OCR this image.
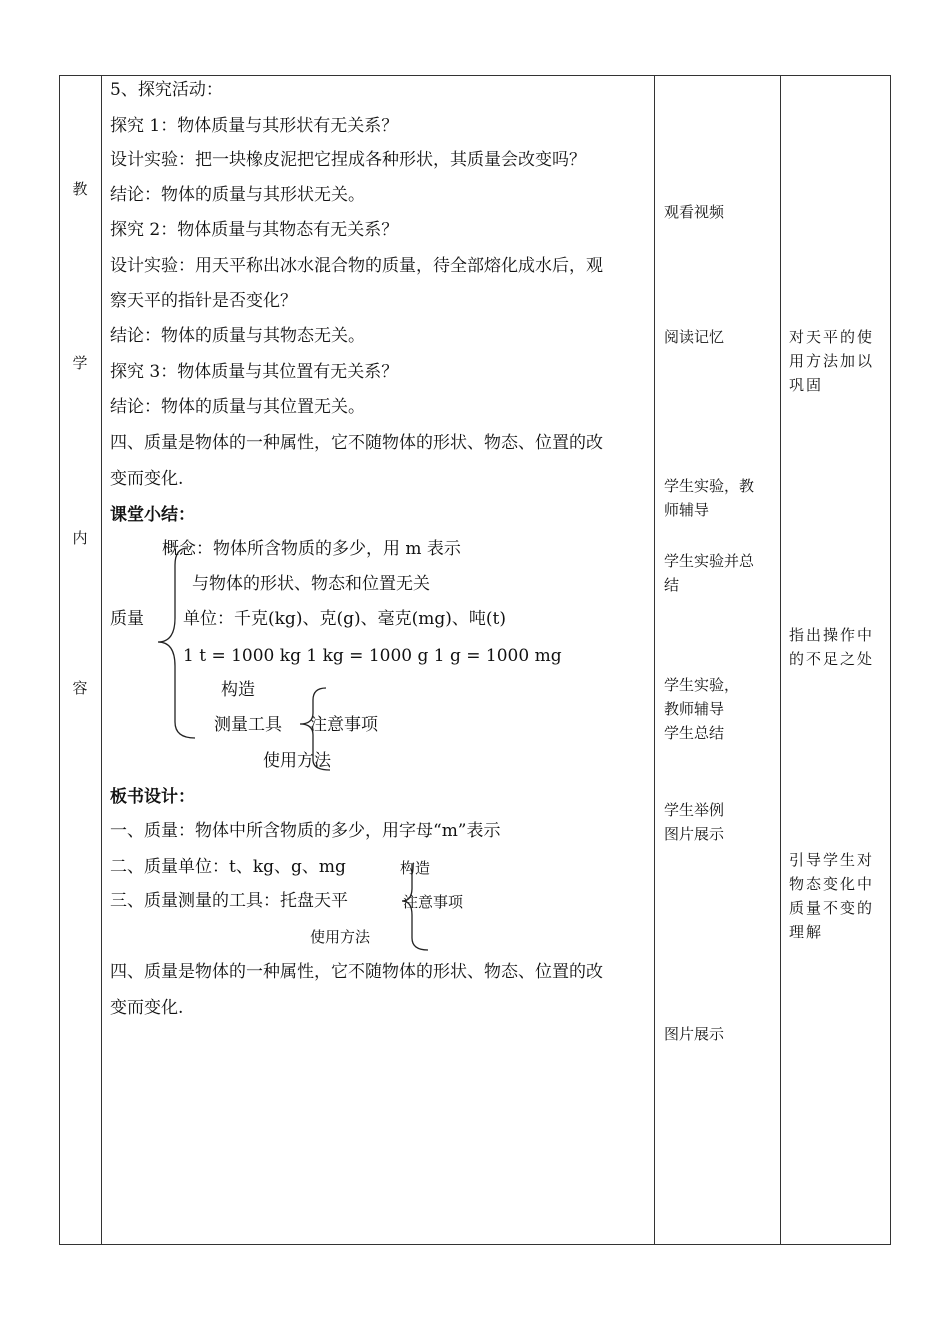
教
学
内
容
5、探究活动：
探究 1：物体质量与其形状有无关系？
设计实验：把一块橡皮泥把它捏成各种形状，其质量会改变吗？
结论：物体的质量与其形状无关。
探究 2：物体质量与其物态有无关系？
设计实验：用天平称出冰水混合物的质量，待全部熔化成水后，观
察天平的指针是否变化？
结论：物体的质量与其物态无关。
探究 3：物体质量与其位置有无关系？
结论：物体的质量与其位置无关。
四、质量是物体的一种属性，它不随物体的形状、物态、位置的改
变而变化.
课堂小结：
概念：物体所含物质的多少，用 m 表示
与物体的形状、物态和位置无关
质量 单位：千克(kg)、克(g)、毫克(mg)、吨(t)
1 t = 1000 kg 1 kg = 1000 g 1 g = 1000 mg
构造
测量工具 注意事项
使用方法
板书设计：
一、质量：物体中所含物质的多少，用字母“m”表示
二、质量单位：t、kg、g、mg	构造
三、质量测量的工具：托盘天平	注意事项
使用方法
四、质量是物体的一种属性，它不随物体的形状、物态、位置的改
变而变化.
观看视频
阅读记忆
学生实验，教
师辅导
学生实验并总
结
学生实验，
教师辅导
学生总结
学生举例
图片展示
图片展示
对天平的使
用方法加以
巩固
指出操作中
的不足之处
引导学生对
物态变化中
质量不变的
理解
